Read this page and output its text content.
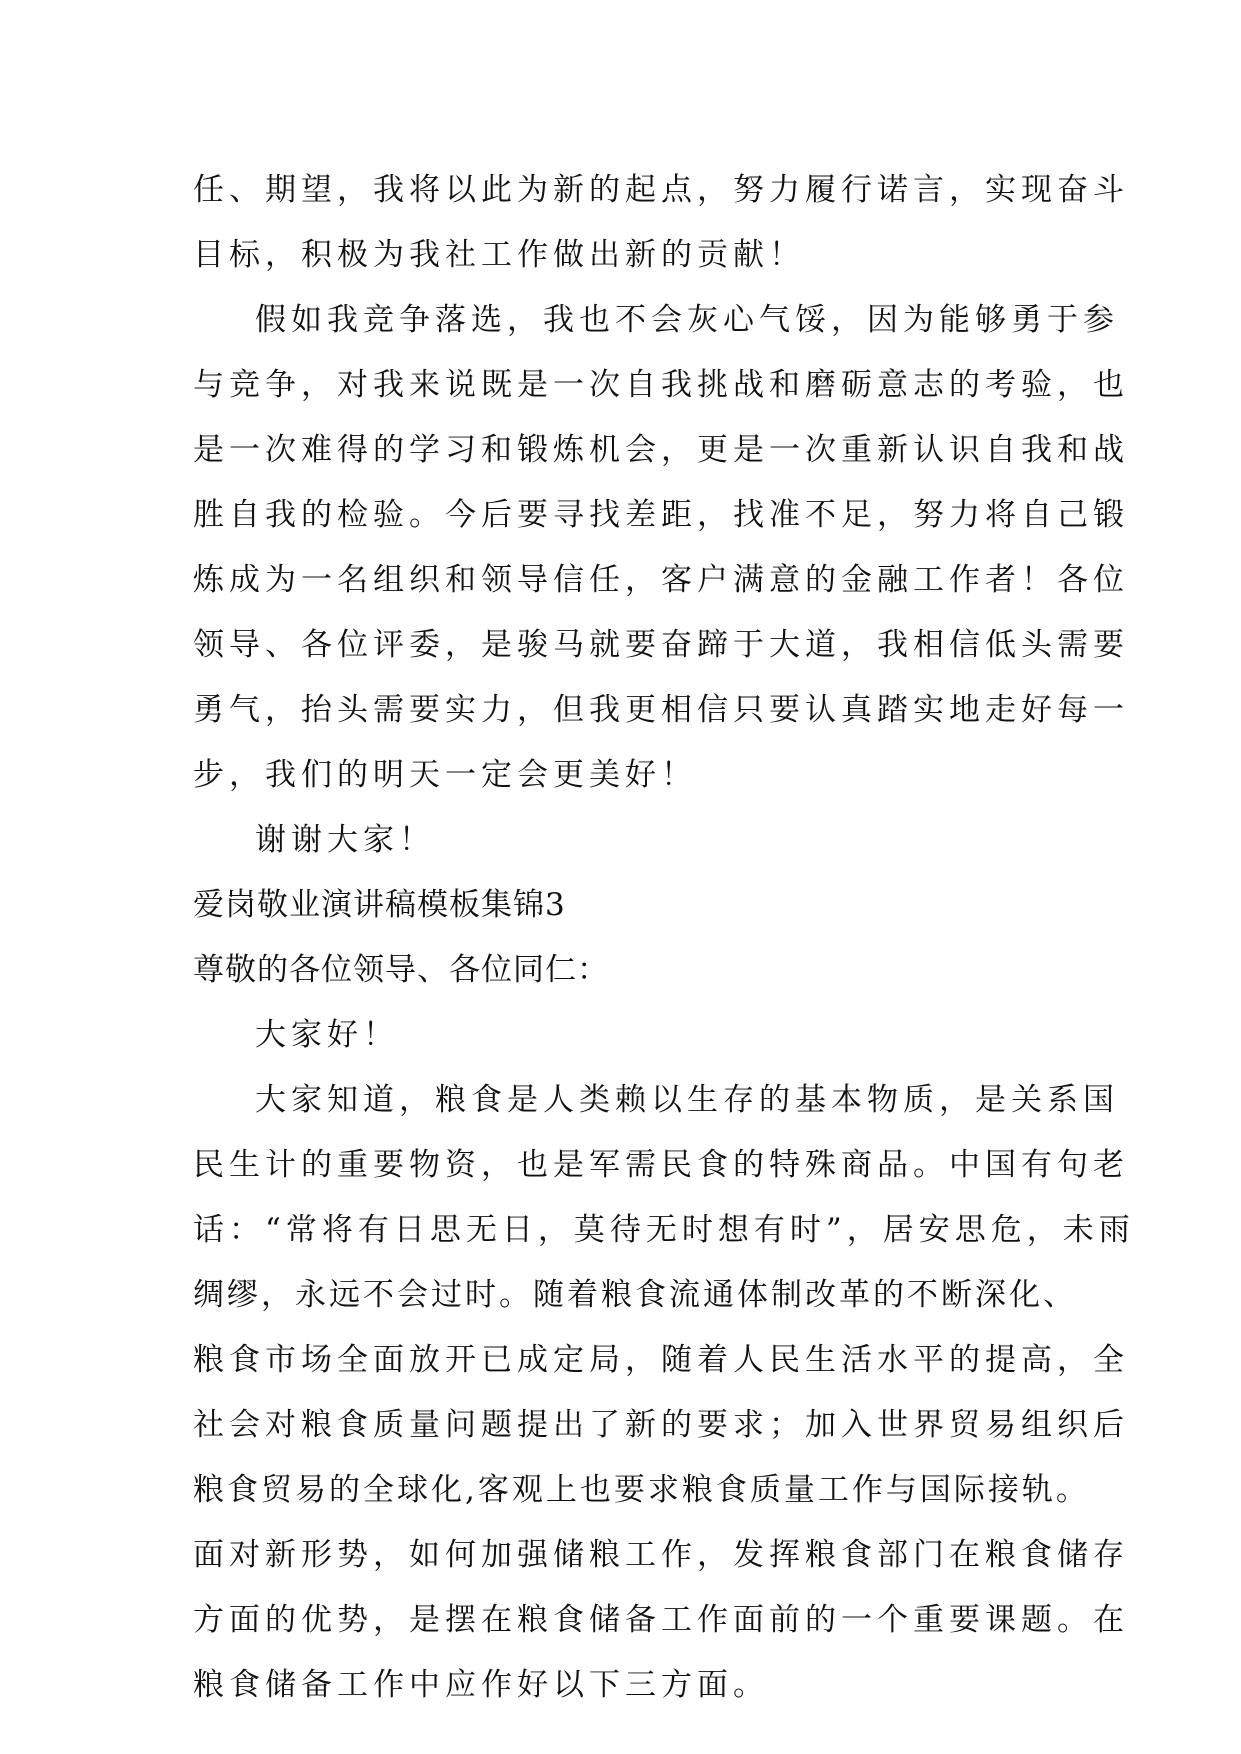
任、期望，我将以此为新的起点，努力履行诺言，实现奋斗
目标，积极为我社工作做出新的贡献！
假如我竞争落选，我也不会灰心气馁，因为能够勇于参
与竞争，对我来说既是一次自我挑战和磨砺意志的考验，也
是一次难得的学习和锻炼机会，更是一次重新认识自我和战
胜自我的检验。今后要寻找差距，找准不足，努力将自己锻
炼成为一名组织和领导信任，客户满意的金融工作者！各位
领导、各位评委，是骏马就要奋蹄于大道，我相信低头需要
勇气，抬头需要实力，但我更相信只要认真踏实地走好每一
步，我们的明天一定会更美好！
谢谢大家！
爱岗敬业演讲稿模板集锦3
尊敬的各位领导、各位同仁：
大家好！
大家知道，粮食是人类赖以生存的基本物质，是关系国
民生计的重要物资，也是军需民食的特殊商品。中国有句老
话：“常将有日思无日，莫待无时想有时”，居安思危，未雨
绸缪，永远不会过时。随着粮食流通体制改革的不断深化、
粮食市场全面放开已成定局，随着人民生活水平的提高，全
社会对粮食质量问题提出了新的要求；加入世界贸易组织后
粮食贸易的全球化,客观上也要求粮食质量工作与国际接轨。
面对新形势，如何加强储粮工作，发挥粮食部门在粮食储存
方面的优势，是摆在粮食储备工作面前的一个重要课题。在
粮食储备工作中应作好以下三方面。
